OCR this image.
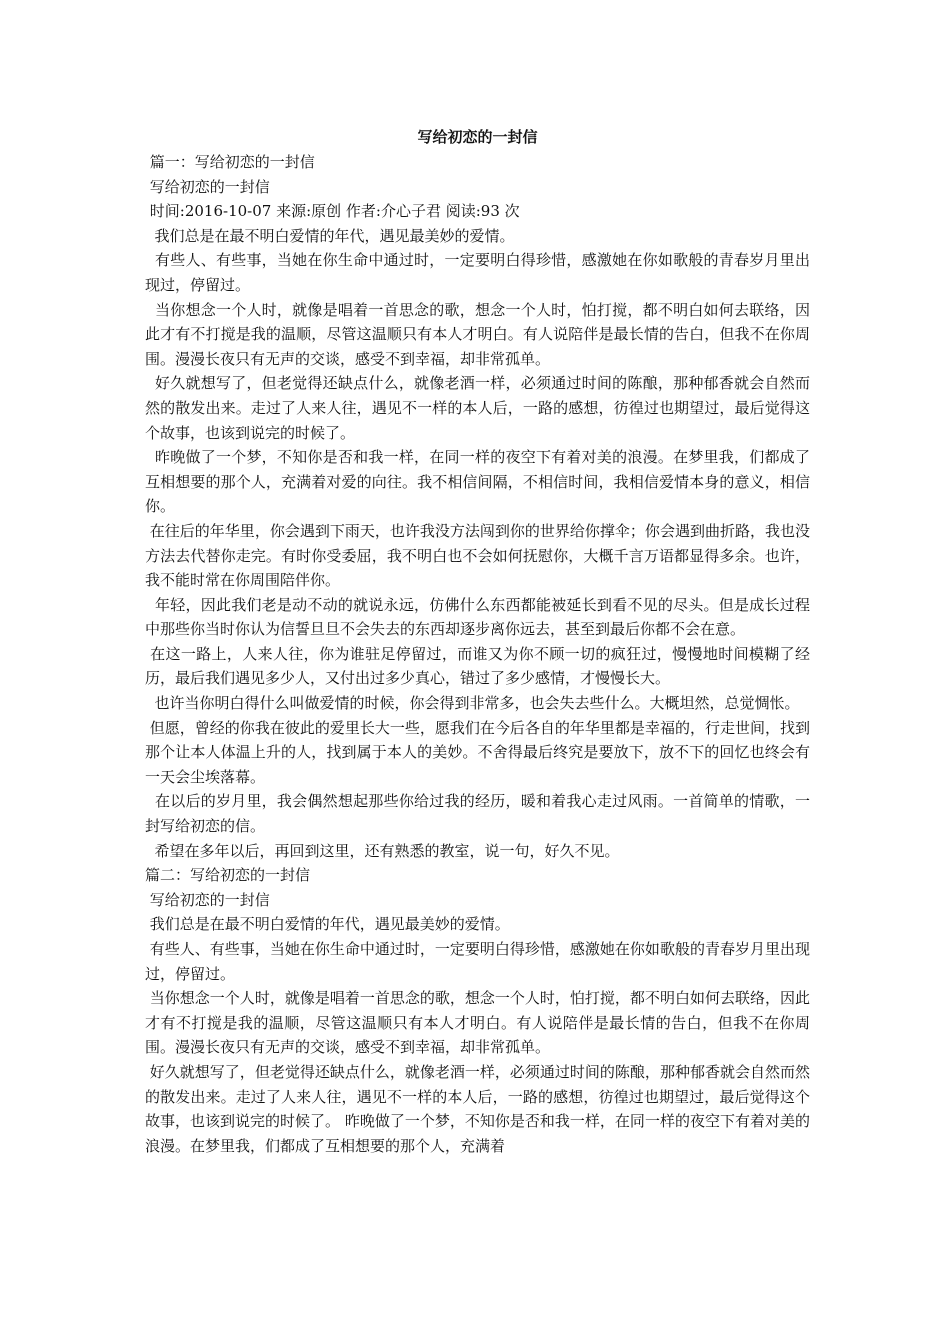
写给初恋的一封信

篇一：写给初恋的一封信

写给初恋的一封信

时间:2016-10-07 来源:原创 作者:介心子君 阅读:93 次

我们总是在最不明白爱情的年代，遇见最美妙的爱情。

有些人、有些事，当她在你生命中通过时，一定要明白得珍惜，感激她在你如歌般的青春岁月里出现过，停留过。

当你想念一个人时，就像是唱着一首思念的歌，想念一个人时，怕打搅，都不明白如何去联络，因此才有不打搅是我的温顺，尽管这温顺只有本人才明白。有人说陪伴是最长情的告白，但我不在你周围。漫漫长夜只有无声的交谈，感受不到幸福，却非常孤单。

好久就想写了，但老觉得还缺点什么，就像老酒一样，必须通过时间的陈酿，那种郁香就会自然而然的散发出来。走过了人来人往，遇见不一样的本人后，一路的感想，彷徨过也期望过，最后觉得这个故事，也该到说完的时候了。

昨晚做了一个梦，不知你是否和我一样，在同一样的夜空下有着对美的浪漫。在梦里我，们都成了互相想要的那个人，充满着对爱的向往。我不相信间隔，不相信时间，我相信爱情本身的意义，相信你。

在往后的年华里，你会遇到下雨天，也许我没方法闯到你的世界给你撑伞；你会遇到曲折路，我也没方法去代替你走完。有时你受委屈，我不明白也不会如何抚慰你，大概千言万语都显得多余。也许，我不能时常在你周围陪伴你。

年轻，因此我们老是动不动的就说永远，仿佛什么东西都能被延长到看不见的尽头。但是成长过程中那些你当时你认为信誓旦旦不会失去的东西却逐步离你远去，甚至到最后你都不会在意。

在这一路上，人来人往，你为谁驻足停留过，而谁又为你不顾一切的疯狂过，慢慢地时间模糊了经历，最后我们遇见多少人，又付出过多少真心，错过了多少感情，才慢慢长大。

也许当你明白得什么叫做爱情的时候，你会得到非常多，也会失去些什么。大概坦然，总觉惆怅。

但愿，曾经的你我在彼此的爱里长大一些，愿我们在今后各自的年华里都是幸福的，行走世间，找到那个让本人体温上升的人，找到属于本人的美妙。不舍得最后终究是要放下，放不下的回忆也终会有一天会尘埃落幕。

在以后的岁月里，我会偶然想起那些你给过我的经历，暖和着我心走过风雨。一首简单的情歌，一封写给初恋的信。

希望在多年以后，再回到这里，还有熟悉的教室，说一句，好久不见。

篇二：写给初恋的一封信

写给初恋的一封信

我们总是在最不明白爱情的年代，遇见最美妙的爱情。

有些人、有些事，当她在你生命中通过时，一定要明白得珍惜，感激她在你如歌般的青春岁月里出现过，停留过。

当你想念一个人时，就像是唱着一首思念的歌，想念一个人时，怕打搅，都不明白如何去联络，因此才有不打搅是我的温顺，尽管这温顺只有本人才明白。有人说陪伴是最长情的告白，但我不在你周围。漫漫长夜只有无声的交谈，感受不到幸福，却非常孤单。

好久就想写了，但老觉得还缺点什么，就像老酒一样，必须通过时间的陈酿，那种郁香就会自然而然的散发出来。走过了人来人往，遇见不一样的本人后，一路的感想，彷徨过也期望过，最后觉得这个故事，也该到说完的时候了。 昨晚做了一个梦，不知你是否和我一样，在同一样的夜空下有着对美的浪漫。在梦里我，们都成了互相想要的那个人，充满着
